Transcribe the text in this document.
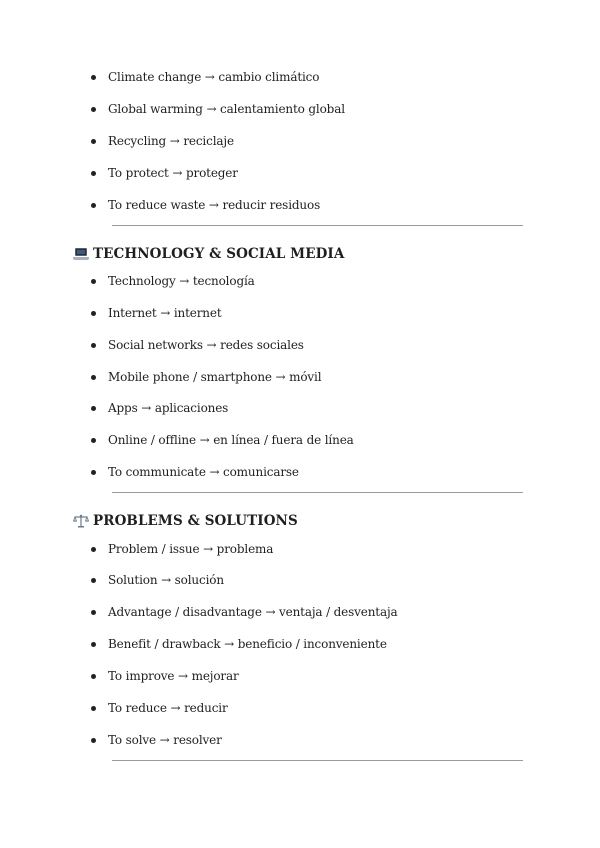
Climate change → cambio climático
Global warming → calentamiento global
Recycling → reciclaje
To protect → proteger
To reduce waste → reducir residuos
TECHNOLOGY & SOCIAL MEDIA
Technology → tecnología
Internet → internet
Social networks → redes sociales
Mobile phone / smartphone → móvil
Apps → aplicaciones
Online / offline → en línea / fuera de línea
To communicate → comunicarse
PROBLEMS & SOLUTIONS
Problem / issue → problema
Solution → solución
Advantage / disadvantage → ventaja / desventaja
Benefit / drawback → beneficio / inconveniente
To improve → mejorar
To reduce → reducir
To solve → resolver
